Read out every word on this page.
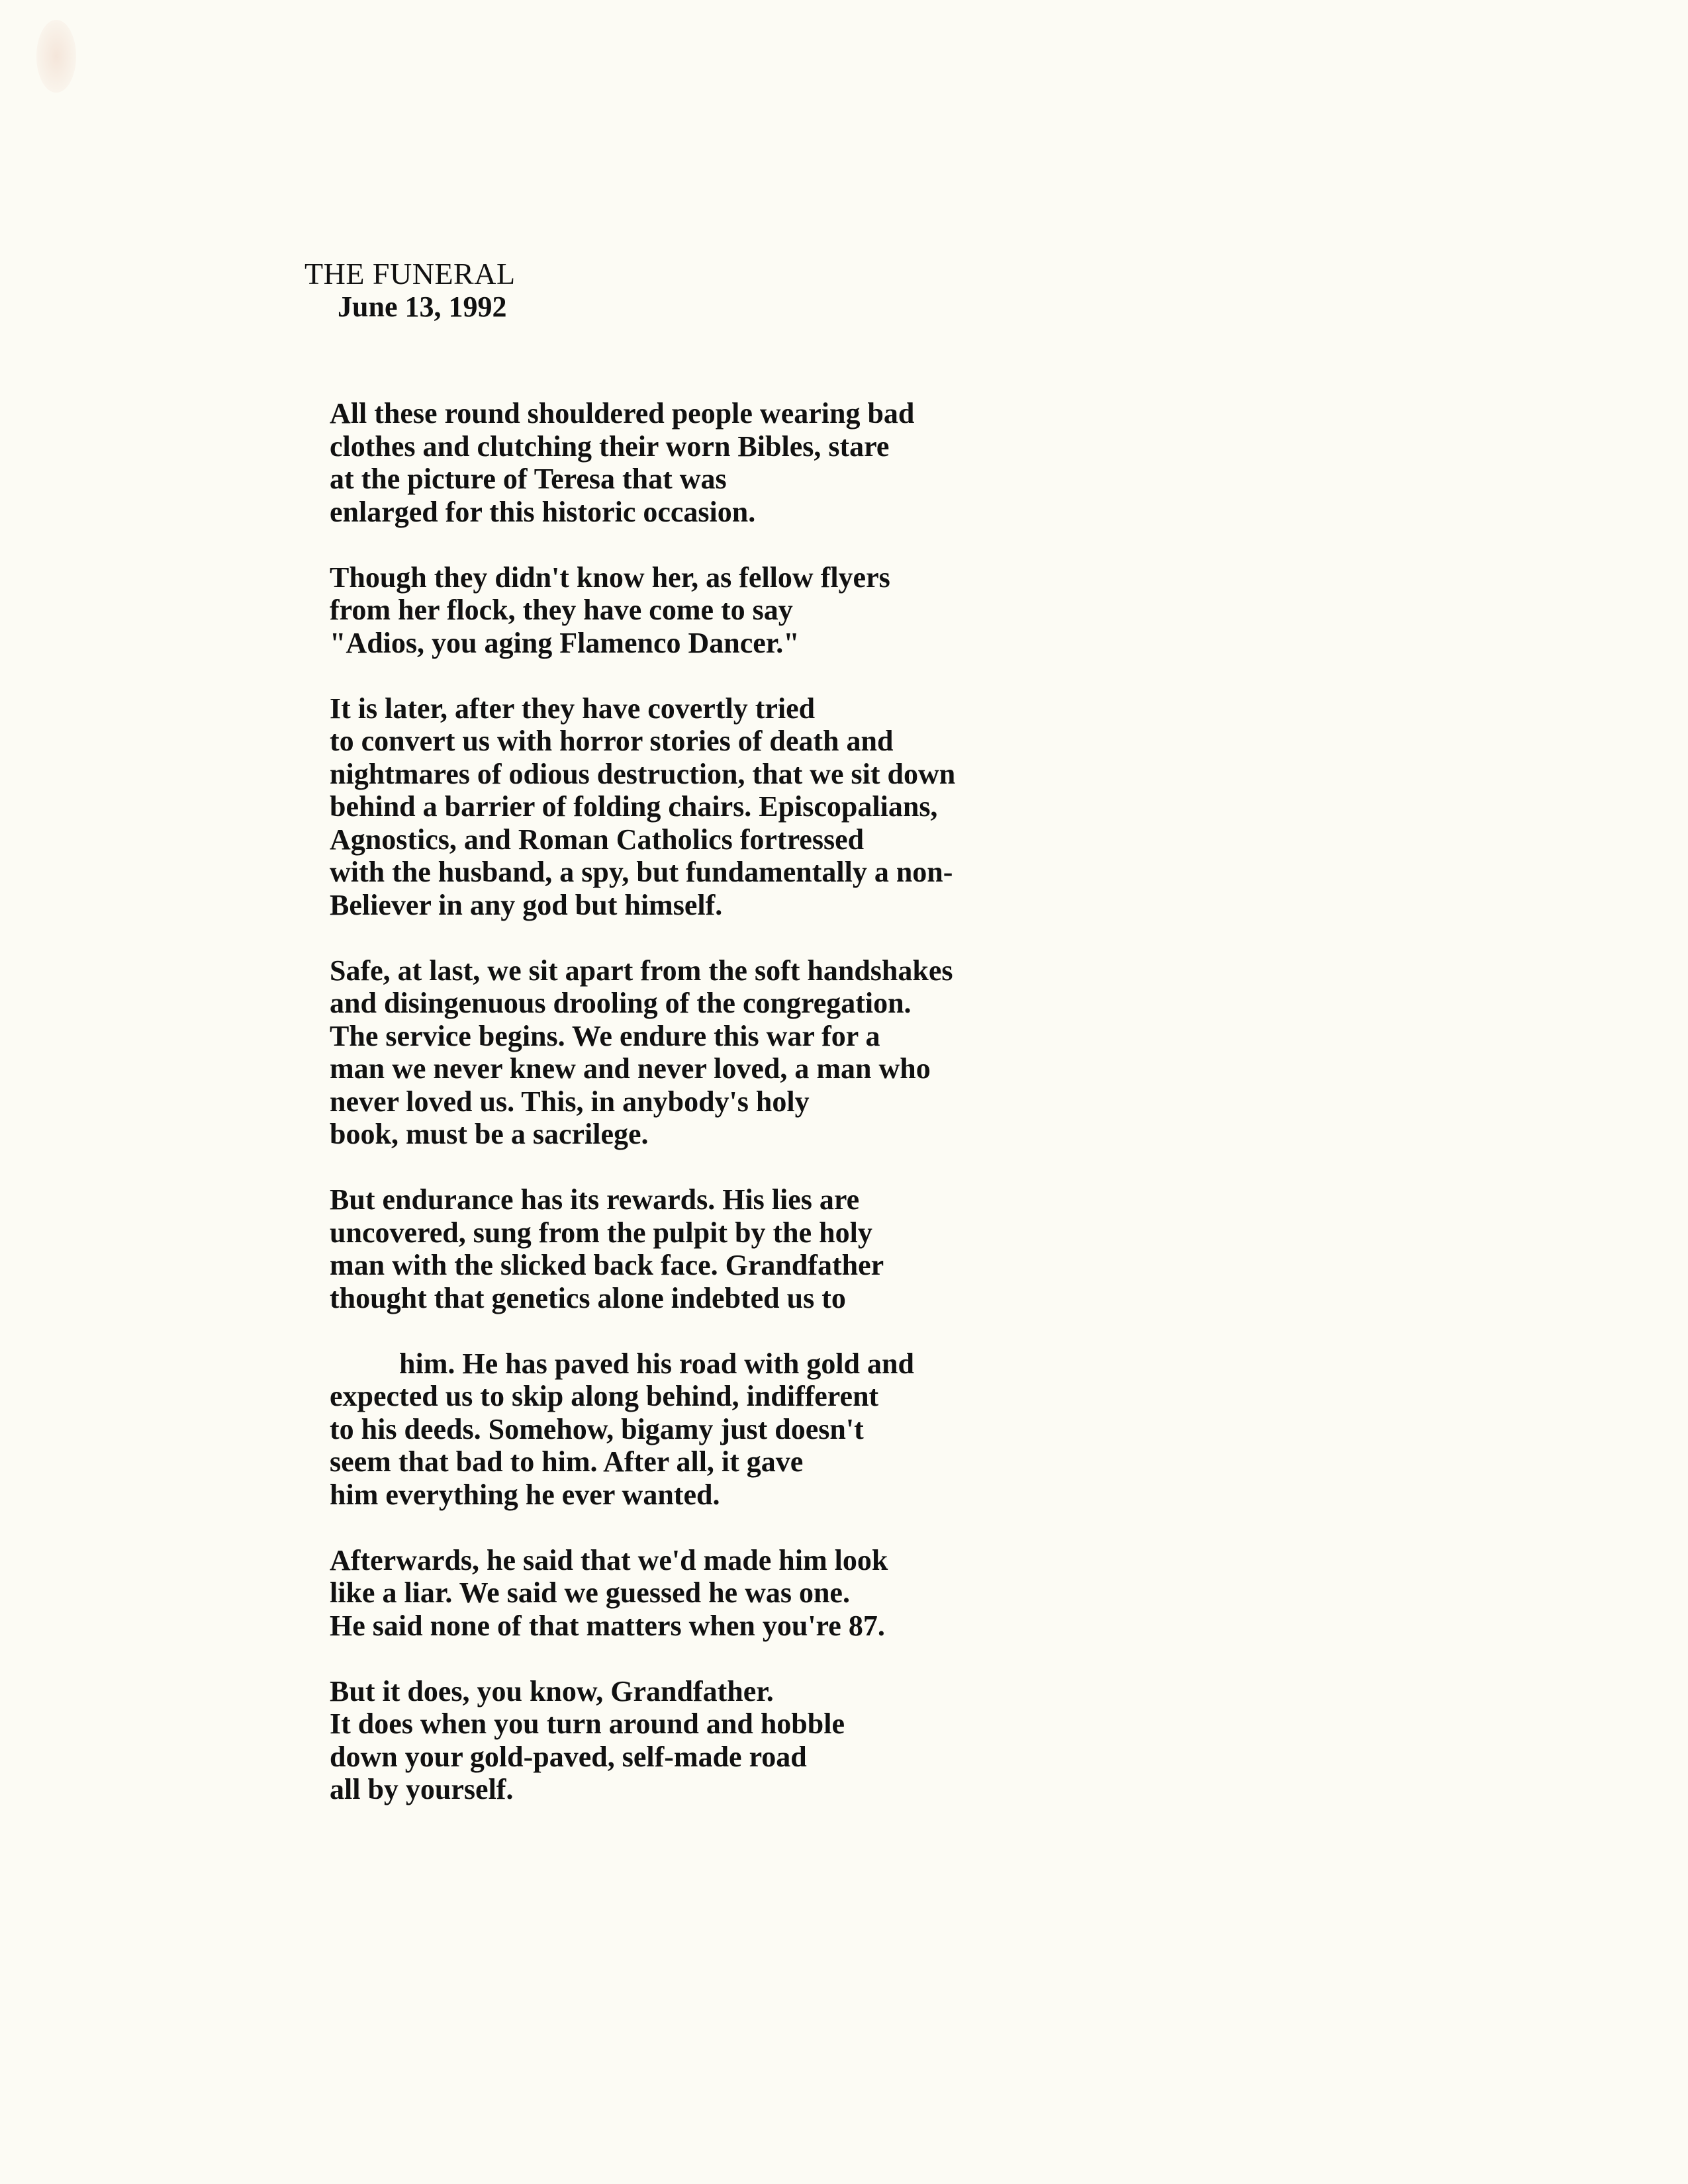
THE FUNERAL
June 13, 1992

All these round shouldered people wearing bad
clothes and clutching their worn Bibles, stare
at the picture of Teresa that was
enlarged for this historic occasion.

Though they didn't know her, as fellow flyers
from her flock, they have come to say
"Adios, you aging Flamenco Dancer."

It is later, after they have covertly tried
to convert us with horror stories of death and
nightmares of odious destruction, that we sit down
behind a barrier of folding chairs. Episcopalians,
Agnostics, and Roman Catholics fortressed
with the husband, a spy, but fundamentally a non-
Believer in any god but himself.

Safe, at last, we sit apart from the soft handshakes
and disingenuous drooling of the congregation.
The service begins. We endure this war for a
man we never knew and never loved, a man who
never loved us. This, in anybody's holy
book, must be a sacrilege.

But endurance has its rewards. His lies are
uncovered, sung from the pulpit by the holy
man with the slicked back face. Grandfather
thought that genetics alone indebted us to

him. He has paved his road with gold and
expected us to skip along behind, indifferent
to his deeds. Somehow, bigamy just doesn't
seem that bad to him. After all, it gave
him everything he ever wanted.

Afterwards, he said that we'd made him look
like a liar. We said we guessed he was one.
He said none of that matters when you're 87.

But it does, you know, Grandfather.
It does when you turn around and hobble
down your gold-paved, self-made road
all by yourself.
